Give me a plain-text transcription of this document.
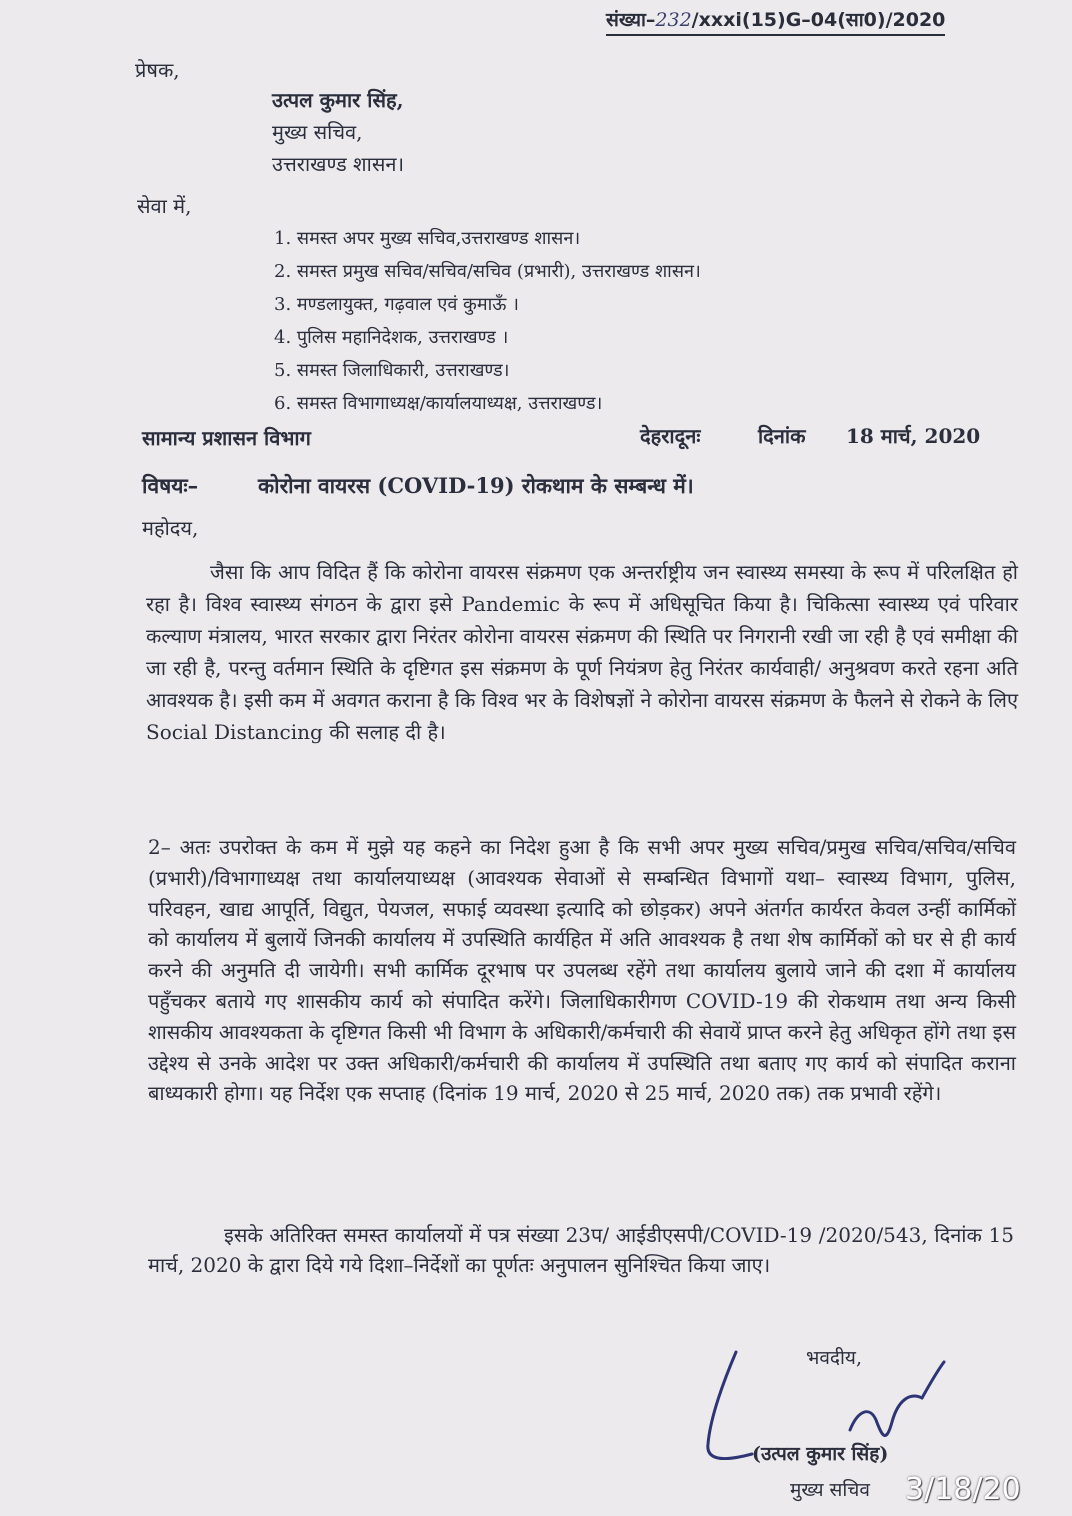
संख्या–232/xxxi(15)G–04(सा0)/2020
प्रेषक,
उत्पल कुमार सिंह,
मुख्य सचिव,
उत्तराखण्ड शासन।
सेवा में,
1. समस्त अपर मुख्य सचिव,उत्तराखण्ड शासन।
2. समस्त प्रमुख सचिव/सचिव/सचिव (प्रभारी), उत्तराखण्ड शासन।
3. मण्डलायुक्त, गढ़वाल एवं कुमाऊँ ।
4. पुलिस महानिदेशक, उत्तराखण्ड ।
5. समस्त जिलाधिकारी, उत्तराखण्ड।
6. समस्त विभागाध्यक्ष/कार्यालयाध्यक्ष, उत्तराखण्ड।
सामान्य प्रशासन विभाग	देहरादूनः	दिनांक 18 मार्च, 2020
विषयः–	कोरोना वायरस (COVID-19) रोकथाम के सम्बन्ध में।
महोदय,

जैसा कि आप विदित हैं कि कोरोना वायरस संक्रमण एक अन्तर्राष्ट्रीय जन स्वास्थ्य समस्या के रूप में परिलक्षित हो रहा है। विश्व स्वास्थ्य संगठन के द्वारा इसे Pandemic के रूप में अधिसूचित किया है। चिकित्सा स्वास्थ्य एवं परिवार कल्याण मंत्रालय, भारत सरकार द्वारा निरंतर कोरोना वायरस संक्रमण की स्थिति पर निगरानी रखी जा रही है एवं समीक्षा की जा रही है, परन्तु वर्तमान स्थिति के दृष्टिगत इस संक्रमण के पूर्ण नियंत्रण हेतु निरंतर कार्यवाही/ अनुश्रवण करते रहना अति आवश्यक है। इसी कम में अवगत कराना है कि विश्व भर के विशेषज्ञों ने कोरोना वायरस संक्रमण के फैलने से रोकने के लिए Social Distancing की सलाह दी है।

2– अतः उपरोक्त के कम में मुझे यह कहने का निदेश हुआ है कि सभी अपर मुख्य सचिव/प्रमुख सचिव/सचिव/सचिव (प्रभारी)/विभागाध्यक्ष तथा कार्यालयाध्यक्ष (आवश्यक सेवाओं से सम्बन्धित विभागों यथा– स्वास्थ्य विभाग, पुलिस, परिवहन, खाद्य आपूर्ति, विद्युत, पेयजल, सफाई व्यवस्था इत्यादि को छोड़कर) अपने अंतर्गत कार्यरत केवल उन्हीं कार्मिकों को कार्यालय में बुलायें जिनकी कार्यालय में उपस्थिति कार्यहित में अति आवश्यक है तथा शेष कार्मिकों को घर से ही कार्य करने की अनुमति दी जायेगी। सभी कार्मिक दूरभाष पर उपलब्ध रहेंगे तथा कार्यालय बुलाये जाने की दशा में कार्यालय पहुँचकर बताये गए शासकीय कार्य को संपादित करेंगे। जिलाधिकारीगण COVID-19 की रोकथाम तथा अन्य किसी शासकीय आवश्यकता के दृष्टिगत किसी भी विभाग के अधिकारी/कर्मचारी की सेवायें प्राप्त करने हेतु अधिकृत होंगे तथा इस उद्देश्य से उनके आदेश पर उक्त अधिकारी/कर्मचारी की कार्यालय में उपस्थिति तथा बताए गए कार्य को संपादित कराना बाध्यकारी होगा। यह निर्देश एक सप्ताह (दिनांक 19 मार्च, 2020 से 25 मार्च, 2020 तक) तक प्रभावी रहेंगे।

इसके अतिरिक्त समस्त कार्यालयों में पत्र संख्या 23प/ आईडीएसपी/COVID-19 /2020/543, दिनांक 15 मार्च, 2020 के द्वारा दिये गये दिशा–निर्देशों का पूर्णतः अनुपालन सुनिश्चित किया जाए।

भवदीय,
(उत्पल कुमार सिंह)
मुख्य सचिव 3/18/20
